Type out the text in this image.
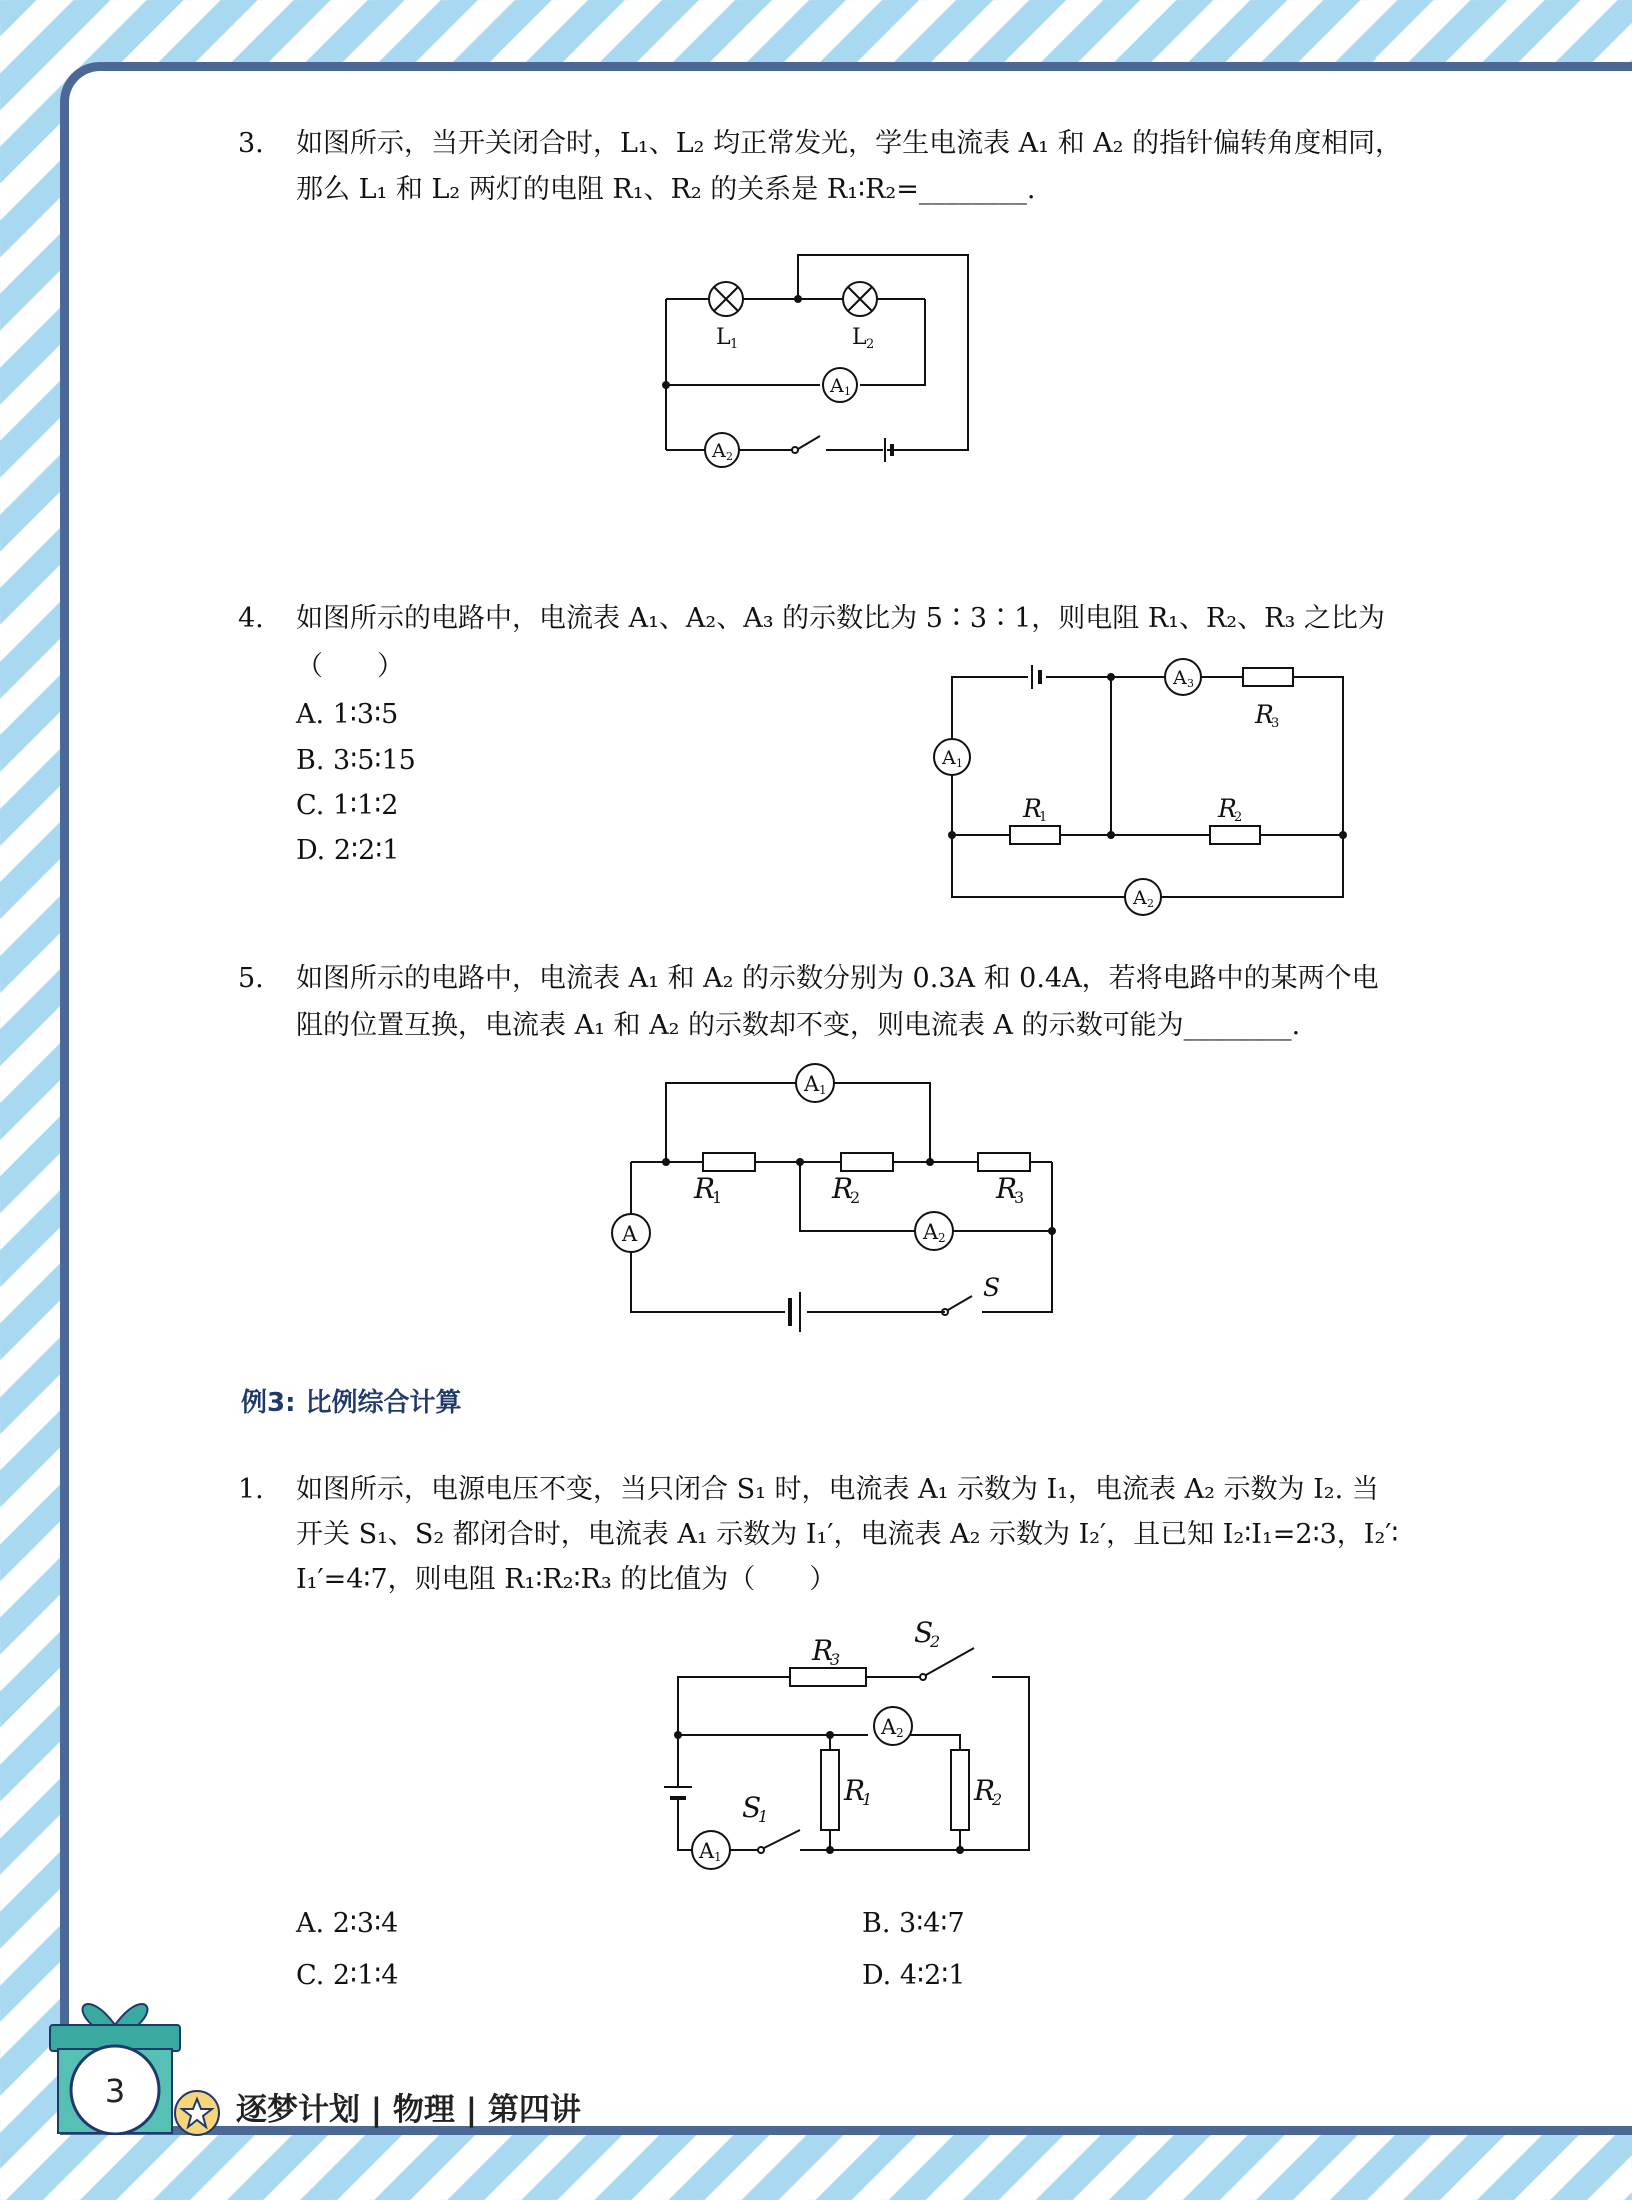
3. 如图所示，当开关闭合时，L₁、L₂ 均正常发光，学生电流表 A₁ 和 A₂ 的指针偏转角度相同，
那么 L₁ 和 L₂ 两灯的电阻 R₁、R₂ 的关系是 R₁∶R₂=________.
L 1	L 2
A 1
A 2
4. 如图所示的电路中，电流表 A₁、A₂、A₃ 的示数比为 5∶3∶1，则电阻 R₁、R₂、R₃ 之比为
（　　）
A. 1∶3∶5
B. 3∶5∶15
C. 1∶1∶2
D. 2∶2∶1
A 1
A 3
A 2
R
3
R
1	R
2
5. 如图所示的电路中，电流表 A₁ 和 A₂ 的示数分别为 0.3A 和 0.4A，若将电路中的某两个电
阻的位置互换，电流表 A₁ 和 A₂ 的示数却不变，则电流表 A 的示数可能为________.
A 1
A 2
A
R
1	R
2	R
3
S
例3: 比例综合计算
1. 如图所示，电源电压不变，当只闭合 S₁ 时，电流表 A₁ 示数为 I₁，电流表 A₂ 示数为 I₂. 当
开关 S₁、S₂ 都闭合时，电流表 A₁ 示数为 I₁′，电流表 A₂ 示数为 I₂′，且已知 I₂∶I₁=2∶3，I₂′∶
I₁′=4∶7，则电阻 R₁∶R₂∶R₃ 的比值为（　　）
A 2
A 1
R
3
S
2
S
1
R
1	R
2
A. 2∶3∶4	B. 3∶4∶7
C. 2∶1∶4	D. 4∶2∶1
3	逐梦计划 | 物理 | 第四讲
